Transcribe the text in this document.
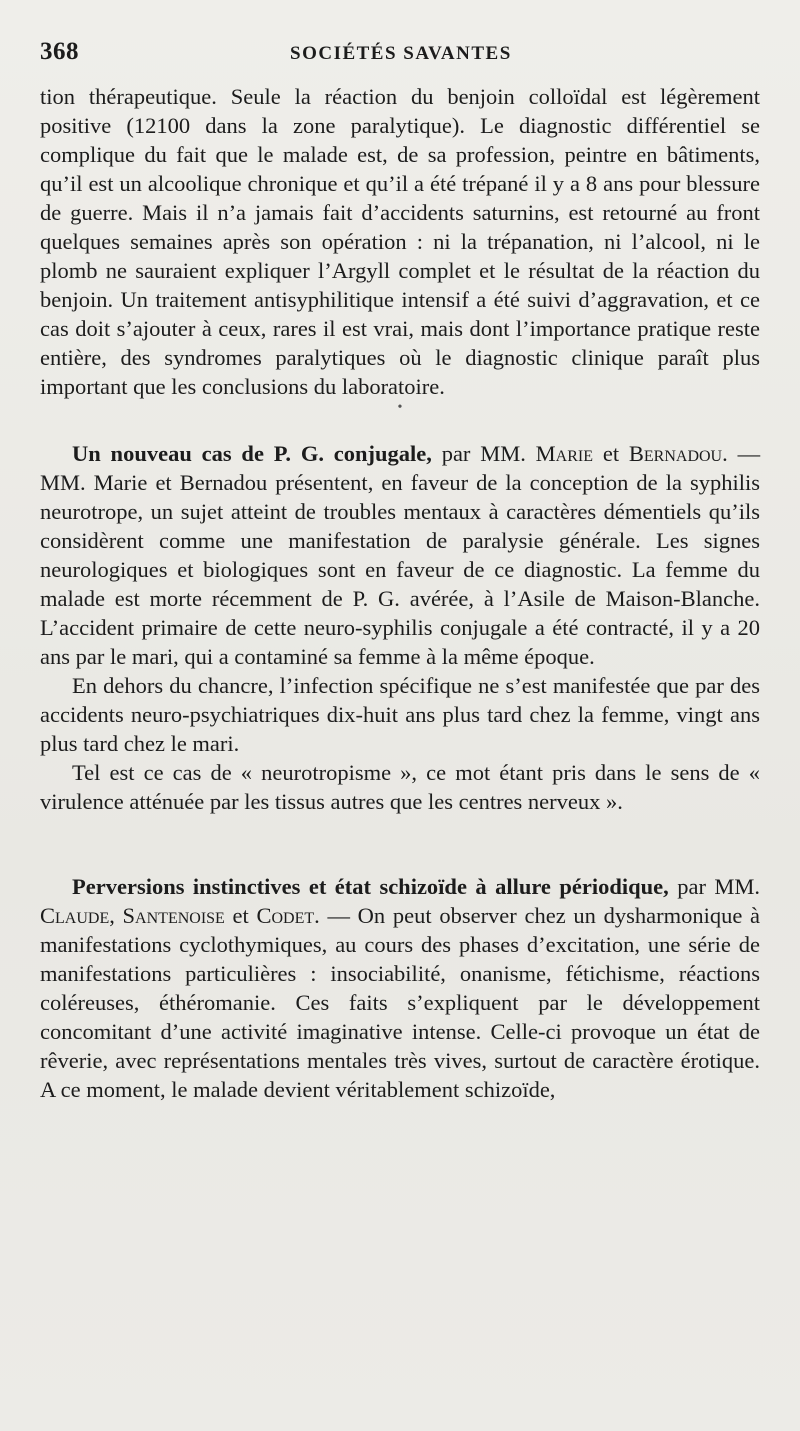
368	SOCIÉTÉS SAVANTES

tion thérapeutique. Seule la réaction du benjoin colloïdal est légèrement positive (12100 dans la zone paralytique). Le diagnostic différentiel se complique du fait que le malade est, de sa profession, peintre en bâtiments, qu’il est un alcoolique chronique et qu’il a été trépané il y a 8 ans pour blessure de guerre. Mais il n’a jamais fait d’accidents saturnins, est retourné au front quelques semaines après son opération : ni la trépanation, ni l’alcool, ni le plomb ne sauraient expliquer l’Argyll complet et le résultat de la réaction du benjoin. Un traitement antisyphilitique intensif a été suivi d’aggravation, et ce cas doit s’ajouter à ceux, rares il est vrai, mais dont l’importance pratique reste entière, des syndromes paralytiques où le diagnostic clinique paraît plus important que les conclusions du laboratoire.

•

Un nouveau cas de P. G. conjugale, par MM. Marie et Bernadou. — MM. Marie et Bernadou présentent, en faveur de la conception de la syphilis neurotrope, un sujet atteint de troubles mentaux à caractères démentiels qu’ils considèrent comme une manifestation de paralysie générale. Les signes neurologiques et biologiques sont en faveur de ce diagnostic. La femme du malade est morte récemment de P. G. avérée, à l’Asile de Maison-Blanche. L’accident primaire de cette neuro-syphilis conjugale a été contracté, il y a 20 ans par le mari, qui a contaminé sa femme à la même époque.

En dehors du chancre, l’infection spécifique ne s’est manifestée que par des accidents neuro-psychiatriques dix-huit ans plus tard chez la femme, vingt ans plus tard chez le mari.

Tel est ce cas de « neurotropisme », ce mot étant pris dans le sens de « virulence atténuée par les tissus autres que les centres nerveux ».

Perversions instinctives et état schizoïde à allure périodique, par MM. Claude, Santenoise et Codet. — On peut observer chez un dysharmonique à manifestations cyclothymiques, au cours des phases d’excitation, une série de manifestations particulières : insociabilité, onanisme, fétichisme, réactions coléreuses, éthéromanie. Ces faits s’expliquent par le développement concomitant d’une activité imaginative intense. Celle-ci provoque un état de rêverie, avec représentations mentales très vives, surtout de caractère érotique. A ce moment, le malade devient véritablement schizoïde,
